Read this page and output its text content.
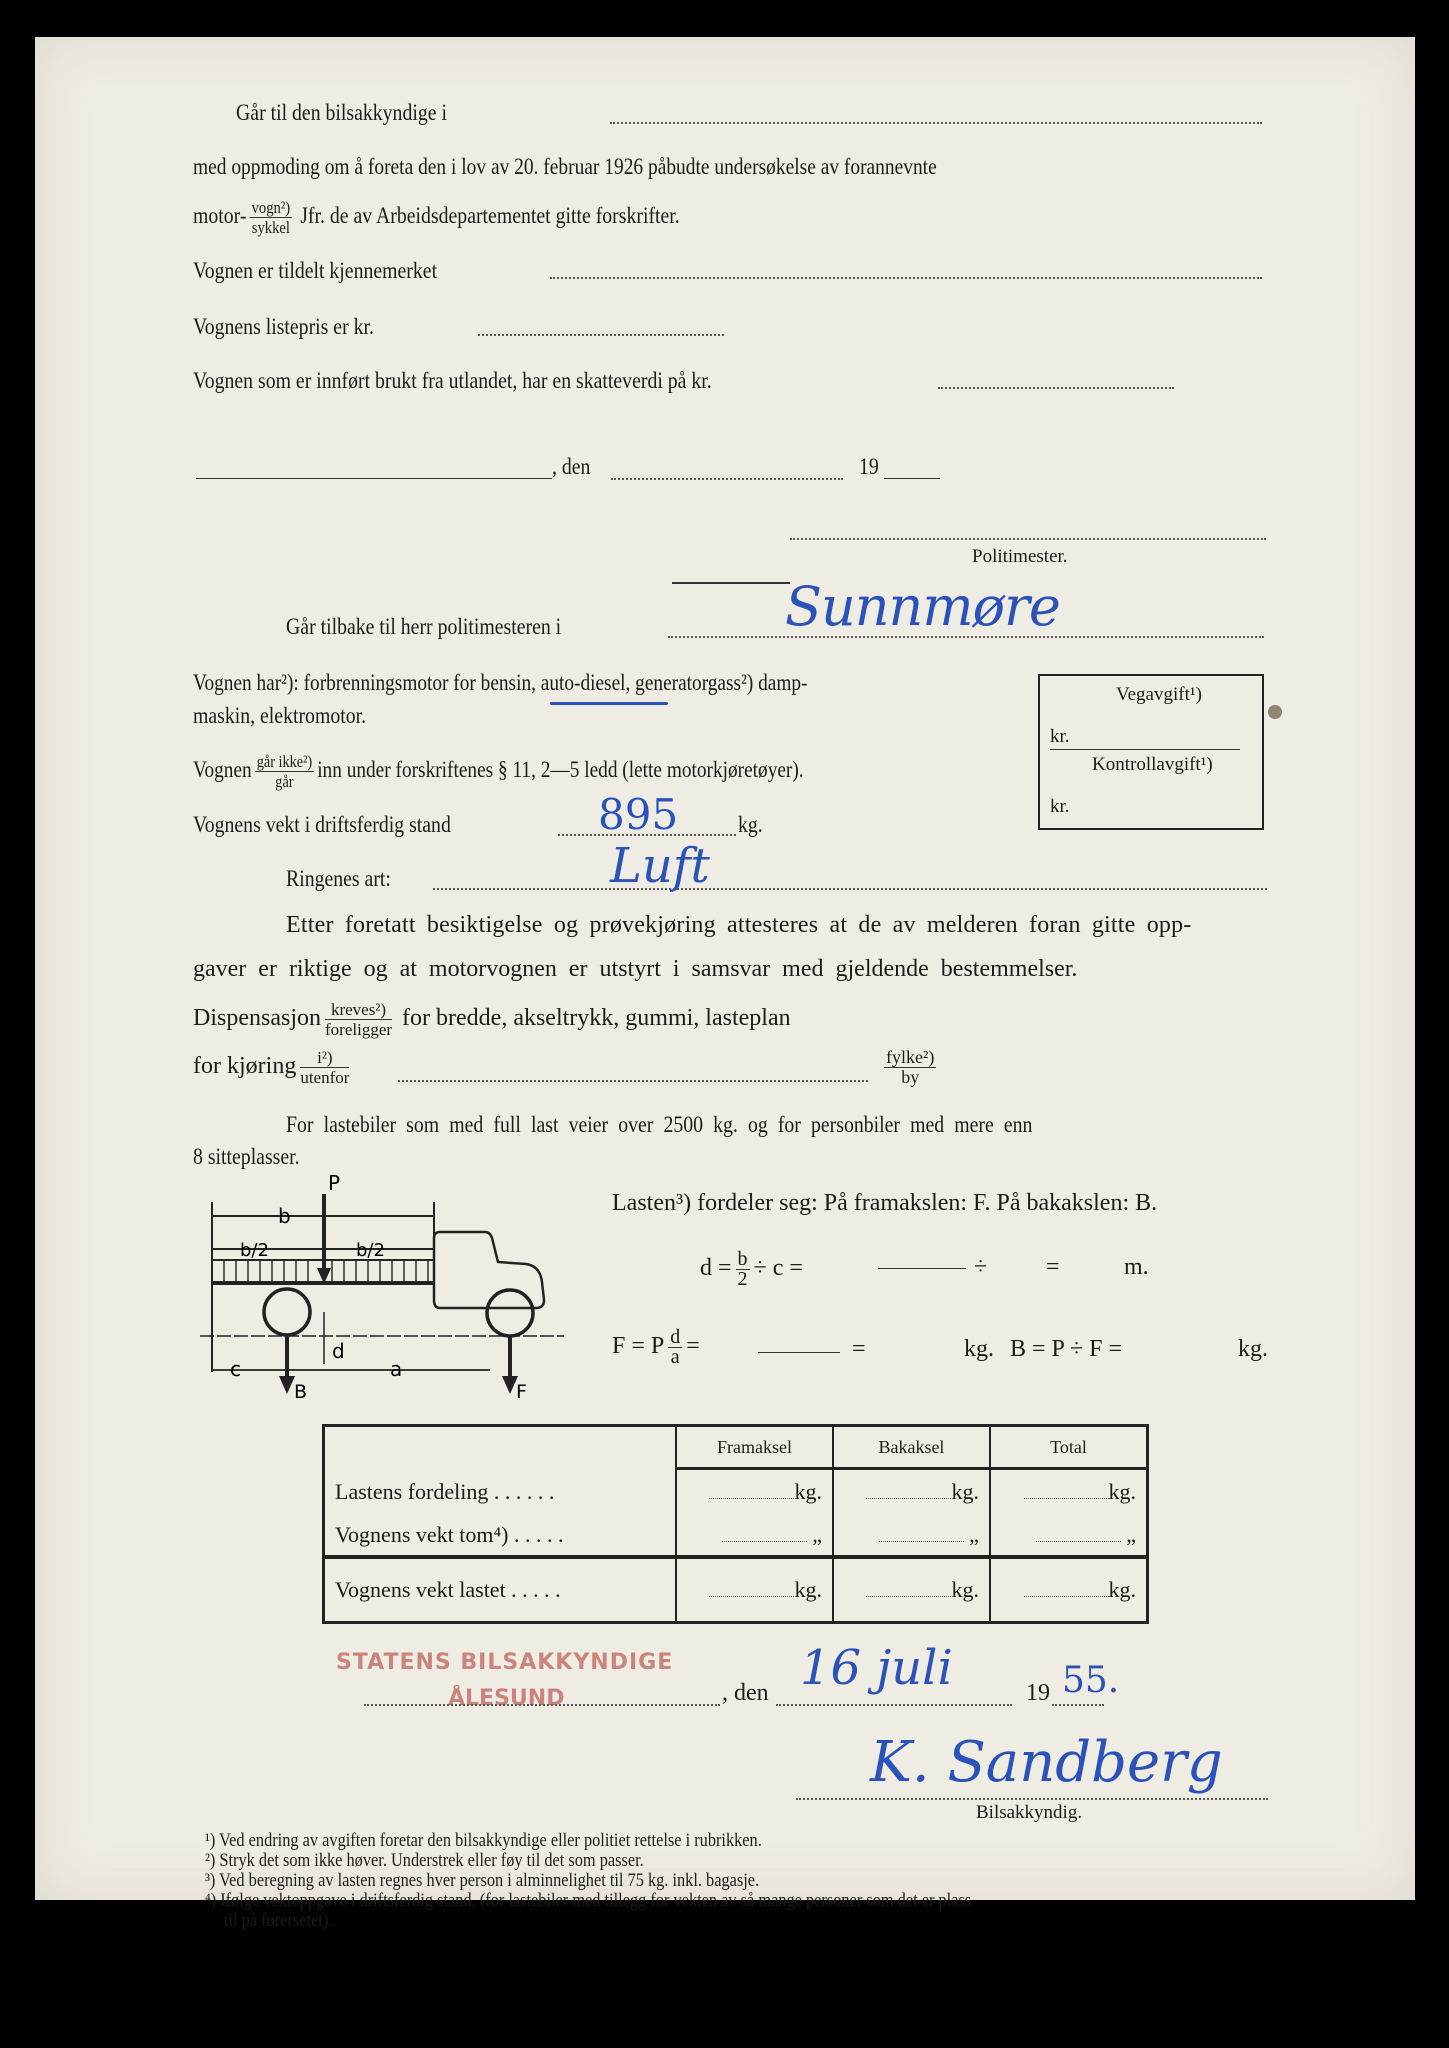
Går til den bilsakkyndige i
med oppmoding om å foreta den i lov av 20. februar 1926 påbudte undersøkelse av forannevnte
motor- $\frac{\text{vogn²)}}{\text{sykkel}}$ Jfr. de av Arbeidsdepartementet gitte forskrifter.
Vognen er tildelt kjennemerket
Vognens listepris er kr.
Vognen som er innført brukt fra utlandet, har en skatteverdi på kr.
, den	19
Politimester.
Går tilbake til herr politimesteren i	Sunnmøre
Vognen har²): forbrenningsmotor for bensin, auto-diesel, generatorgass²) damp-
maskin, elektromotor.
Vognen $\frac{\text{går ikke²)}}{\text{går}}$ inn under forskriftenes § 11, 2—5 ledd (lette motorkjøretøyer).
Vognens vekt i driftsferdig stand	895	kg.
Ringenes art:	Luft
Vegavgift¹)
kr.
Kontrollavgift¹)
kr.
Etter foretatt besiktigelse og prøvekjøring attesteres at de av melderen foran gitte opp-
gaver er riktige og at motorvognen er utstyrt i samsvar med gjeldende bestemmelser.
Dispensasjon $\frac{\text{kreves²)}}{\text{foreligger}}$ for bredde, akseltrykk, gummi, lasteplan
for kjøring $\frac{\text{i²)}}{\text{utenfor}}$	$\frac{\text{fylke²)}}{by}$
For lastebiler som med full last veier over 2500 kg. og for personbiler med mere enn
8 sitteplasser.
P
b
b/2	b/2
d
c	a
B	F
Lasten³) fordeler seg: På framakslen: F. På bakakslen: B.
$d = \frac{b}{2} \div c$ =	÷ =	m.
F = P $\frac{d}{a}$ =	=	kg. B = P ÷ F =	kg.
	Framaksel	Bakaksel	Total
Lastens fordeling . . . . . .	kg.	kg.	kg.
Vognens vekt tom⁴) . . . . .	„	„	„
Vognens vekt lastet . . . . .	kg.	kg.	kg.
STATENS BILSAKKYNDIGE
ÅLESUND	, den 16 juli	19 55.
K. Sandberg
Bilsakkyndig.
¹) Ved endring av avgiften foretar den bilsakkyndige eller politiet rettelse i rubrikken.
²) Stryk det som ikke høver. Understrek eller føy til det som passer.
³) Ved beregning av lasten regnes hver person i alminnelighet til 75 kg. inkl. bagasje.
⁴) Ifølge vektoppgave i driftsferdig stand, (for lastebiler med tillegg for vekten av så mange personer som det er plass
til på førersetet).
